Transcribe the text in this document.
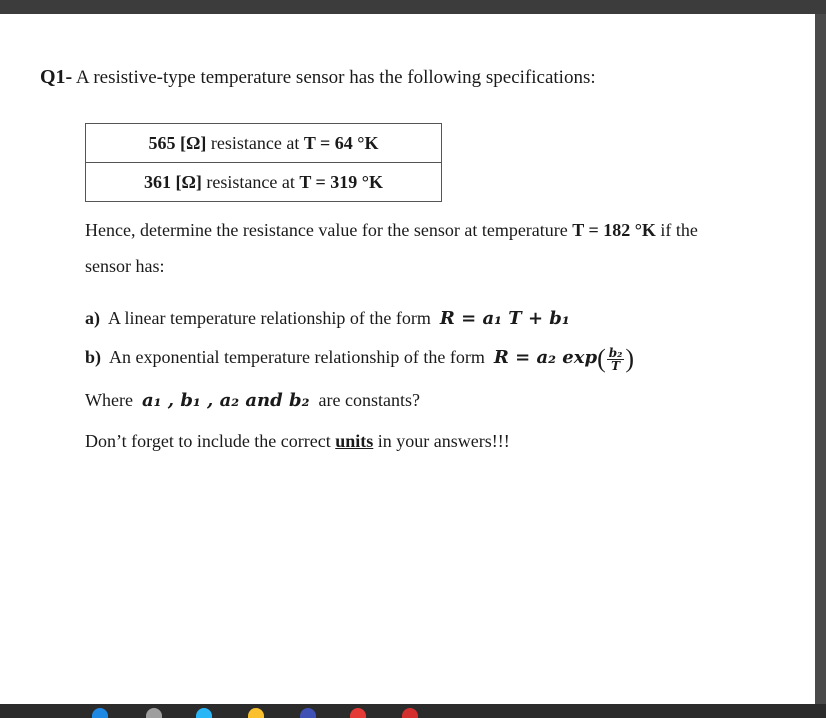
Q1- A resistive-type temperature sensor has the following specifications:
565 [Ω] resistance at T = 64 °K
361 [Ω] resistance at T = 319 °K
Hence, determine the resistance value for the sensor at temperature T = 182 °K if the
sensor has:
a) A linear temperature relationship of the form R = a₁ T + b₁
b) An exponential temperature relationship of the form R = a₂ $\exp( \frac{\text{b₂}}{T}$ )
Where a₁ , b₁ , a₂ and b₂ are constants?
Don’t forget to include the correct units in your answers!!!
